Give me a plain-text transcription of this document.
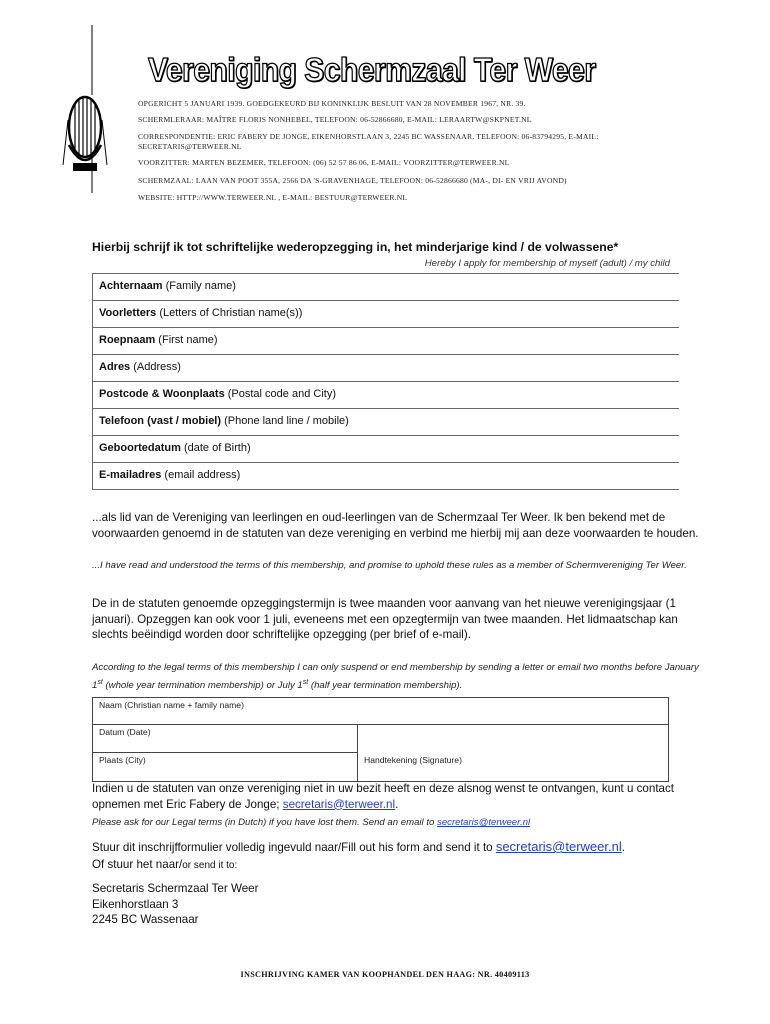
Vereniging Schermzaal Ter Weer
OPGERICHT 5 JANUARI 1939. GOEDGEKEURD BIJ KONINKLIJK BESLUIT VAN 28 NOVEMBER 1967, NR. 39.
SCHERMLERAAR: MAÎTRE FLORIS NONHEBEL, TELEFOON: 06-52866680, E-MAIL: LERAARTW@SKPNET.NL
CORRESPONDENTIE: ERIC FABERY DE JONGE, EIKENHORSTLAAN 3, 2245 BC WASSENAAR, TELEFOON: 06-83794295, E-MAIL:
SECRETARIS@TERWEER.NL
VOORZITTER: MARTEN BEZEMER, TELEFOON: (06) 52 57 86 06, E-MAIL: VOORZITTER@TERWEER.NL
SCHERMZAAL: LAAN VAN POOT 355A, 2566 DA 'S-GRAVENHAGE, TELEFOON: 06-52866680 (MA-, DI- EN VRIJ AVOND)
WEBSITE: HTTP://WWW.TERWEER.NL , E-MAIL: BESTUUR@TERWEER.NL
Hierbij schrijf ik tot schriftelijke wederopzegging in, het minderjarige kind / de volwassene*
Hereby I apply for membership of myself (adult) / my child
Achternaam (Family name)
Voorletters (Letters of Christian name(s))
Roepnaam (First name)
Adres (Address)
Postcode & Woonplaats (Postal code and City)
Telefoon (vast / mobiel) (Phone land line / mobile)
Geboortedatum (date of Birth)
E-mailadres (email address)
...als lid van de Vereniging van leerlingen en oud-leerlingen van de Schermzaal Ter Weer. Ik ben bekend met de voorwaarden genoemd in de statuten van deze vereniging en verbind me hierbij mij aan deze voorwaarden te houden.
...I have read and understood the terms of this membership, and promise to uphold these rules as a member of Schermvereniging Ter Weer.
De in de statuten genoemde opzeggingstermijn is twee maanden voor aanvang van het nieuwe verenigingsjaar (1 januari). Opzeggen kan ook voor 1 juli, eveneens met een opzegtermijn van twee maanden. Het lidmaatschap kan slechts beëindigd worden door schriftelijke opzegging (per brief of e-mail).
According to the legal terms of this membership I can only suspend or end membership by sending a letter or email two months before January 1st (whole year termination membership) or July 1st (half year termination membership).
Naam (Christian name + family name)
Datum (Date)
Plaats (City)	Handtekening (Signature)
Indien u de statuten van onze vereniging niet in uw bezit heeft en deze alsnog wenst te ontvangen, kunt u contact opnemen met Eric Fabery de Jonge; secretaris@terweer.nl.
Please ask for our Legal terms (in Dutch) if you have lost them. Send an email to secretaris@terweer.nl
Stuur dit inschrijfformulier volledig ingevuld naar/Fill out his form and send it to secretaris@terweer.nl.
Of stuur het naar/or send it to:
Secretaris Schermzaal Ter Weer
Eikenhorstlaan 3
2245 BC Wassenaar
INSCHRIJVING KAMER VAN KOOPHANDEL DEN HAAG: NR. 40409113
